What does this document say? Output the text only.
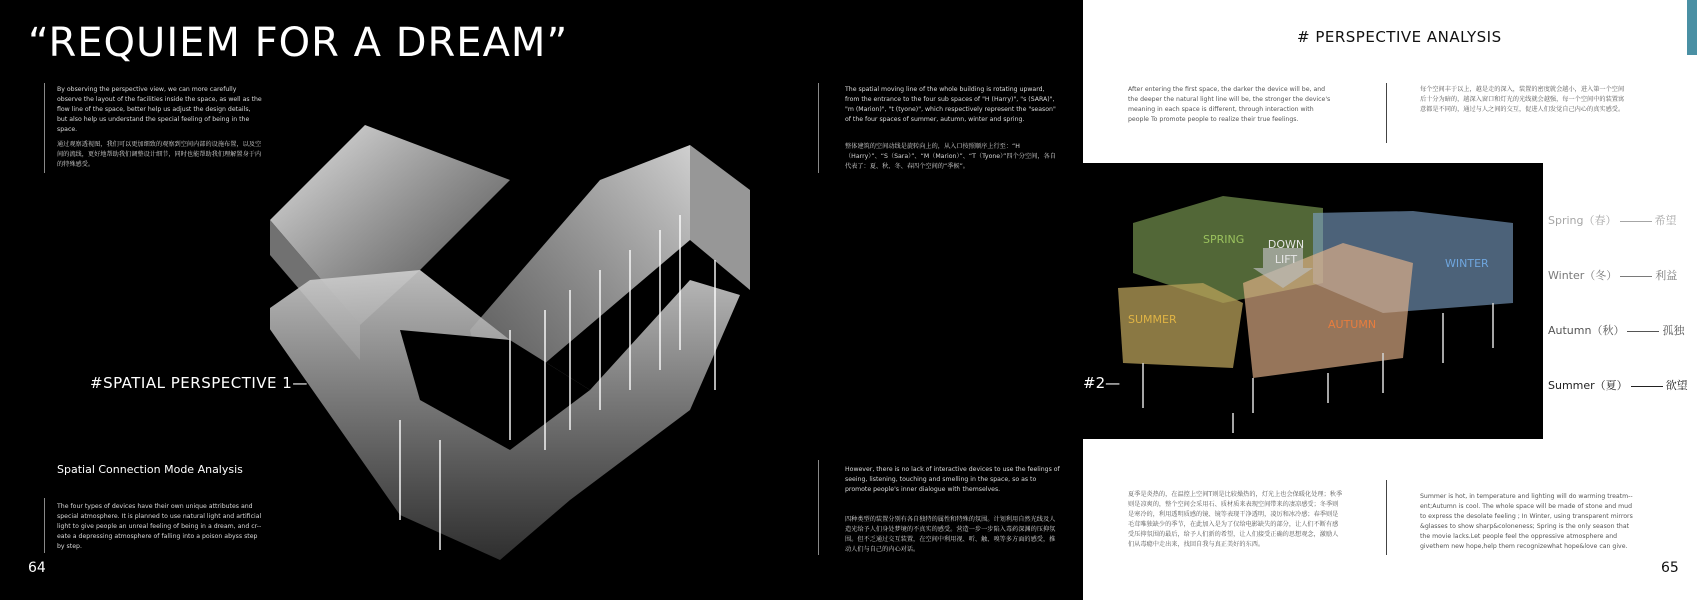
“REQUIEM FOR A DREAM”
By observing the perspective view, we can more carefully observe the layout of the facilities inside the space, as well as the flow line of the space, better help us adjust the design details, but also help us understand the special feeling of being in the space.
通过观察透视图，我们可以更加细致的观察到空间内部的设施布置，以及空间的流线，更好地帮助我们调整设计细节，同时也能帮助我们理解置身于内的特殊感受。
#SPATIAL PERSPECTIVE 1—
Spatial Connection Mode Analysis
The four types of devices have their own unique attributes and special atmosphere. It is planned to use natural light and artificial light to give people an unreal feeling of being in a dream, and cr--eate a depressing atmosphere of falling into a poison abyss step by step.
The spatial moving line of the whole building is rotating upward, from the entrance to the four sub spaces of "H (Harry)", "s (SARA)", "m (Marion)", "t (tyone)", which respectively represent the "season" of the four spaces of summer, autumn, winter and spring.
整体建筑的空间动线是旋转向上的，从入口按照顺序上行至：“H（Harry）”、“S（Sara）”、“M（Marion）”、“T（Tyone）”四个分空间，各自代表了：夏、秋、冬、春四个空间的“季候”。
However, there is no lack of interactive devices to use the feelings of seeing, listening, touching and smelling in the space, so as to promote people's inner dialogue with themselves.
四种类型的装置分别有各自独特的属性和特殊的氛围。计划利用自然光线及人造光给予人们身处梦境的不真实的感受。营造一步一步陷入毒药深渊的压抑氛围。但不乏通过交互装置，在空间中利用视、听、触、嗅等多方面的感受，推动人们与自己的内心对话。
64
# PERSPECTIVE ANALYSIS
After entering the first space, the darker the device will be, and the deeper the natural light line will be, the stronger the device's meaning in each space is different, through interaction with people To promote people to realize their true feelings.
每个空间丰于以上，越是走的深入，装置的密度就会越小，进入第一个空间后十分为暗的，越深入窗口和灯光的光线就会越强，每一个空间中的装置寓意都是不同的，通过与人之间的交互，促进人们发觉自己内心的真实感受。
Spring（春）	希望
Winter（冬）	利益
Autumn（秋）	孤独
Summer（夏）	欲望
夏季是炎热的，在温控上空间T则是比较燥热的，灯光上也会保暖化处理；秋季则是凉爽的，整个空间会采用石、质材质来表现空间带来的凄凉感受；冬季则是寒冷的，利用透明质感的镜、镜等表现干净透明，凌厉和冰冷感；春季则是毛茸唯独缺少的季节，在此加入是为了仅给电影缺失的部分，让人们不断有感受压抑氛围的最后，给予人们新的希望，让人们接受正确的思想观念，激励人们从毒瘾中走出来，找回自我与真正美好的东西。
Summer is hot, in temperature and lighting will do warming treatm--ent;Autumn is cool. The whole space will be made of stone and mud to express the desolate feeling ; In Winter, using transparent mirrors &glasses to show sharp&coloneness; Spring is the only season that the movie lacks.Let people feel the oppressive atmosphere and givethem new hope,help them recognizewhat hope&love can give.
65
SPRING DOWN
LIFT	WINTER
SUMMER	AUTUMN
#2—
